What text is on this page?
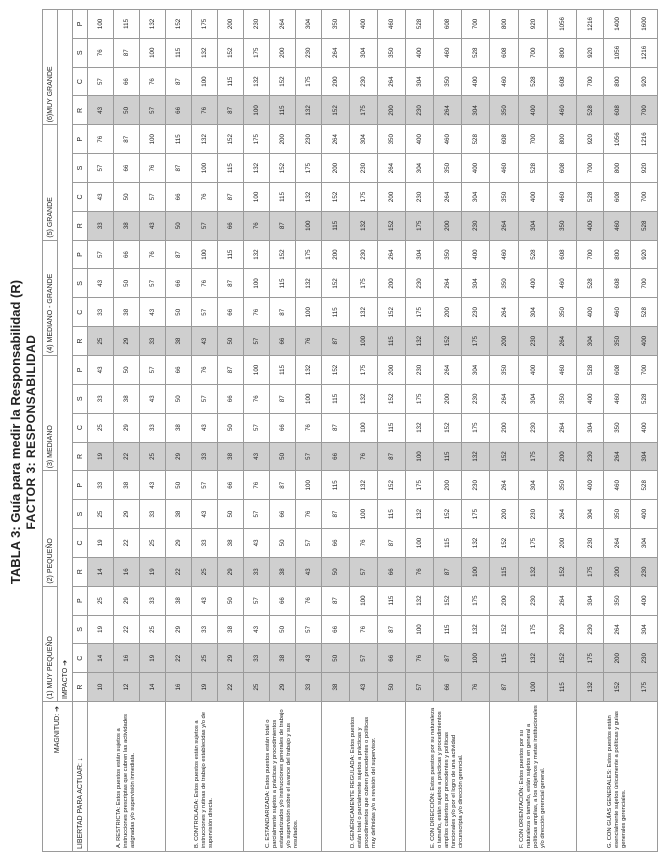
TABLA 3: Guía para medir la Responsabilidad (R) FACTOR 3: RESPONSABILIDAD
MAGNITUD: ➔	(1) MUY PEQUEÑO				(2) PEQUEÑO				(3) MEDIANO				(4) MEDIANO - GRANDE				(5) GRANDE				(6)MUY GRANDE			
	IMPACTO ➔																							
LIBERTAD PARA ACTUAR: ↓	R	C	S	P	R	C	S	P	R	C	S	P	R	C	S	P	R	C	S	P	R	C	S	P
A. RESTRICTA: Estos puestos están sujetos a instrucciones prescriptas que cubren las actividades asignadas y/o supervisión inmediata.	10	14	19	25	14	19	25	33	19	25	33	43	25	33	43	57	33	43	57	76	43	57	76	100
	12	16	22	29	16	22	29	38	22	29	38	50	29	38	50	66	38	50	66	87	50	66	87	115
	14	19	25	33	19	25	33	43	25	33	43	57	33	43	57	76	43	57	76	100	57	76	100	132
B. CONTROLADA: Estos puestos están sujetos a instrucciones y rutinas de trabajo establecidas y/o de supervisión directa.	16	22	29	38	22	29	38	50	29	38	50	66	38	50	66	87	50	66	87	115	66	87	115	152
	19	25	33	43	25	33	43	57	33	43	57	76	43	57	76	100	57	76	100	132	76	100	132	175
	22	29	38	50	29	38	50	66	38	50	66	87	50	66	87	115	66	87	115	152	87	115	152	200
C. ESTANDARIZADA: Estos puestos están total o parcialmente sujetos a prácticas y procedimientos estandarizados y/o instrucciones generales de trabajo y/o supervisión sobre el avance del trabajo y sus resultados.	25	33	43	57	33	43	57	76	43	57	76	100	57	76	100	132	76	100	132	175	100	132	175	230
	29	38	50	66	38	50	66	87	50	66	87	115	66	87	115	152	87	115	152	200	115	152	200	264
	33	43	57	76	43	57	76	100	57	76	100	132	76	100	132	175	100	132	175	230	132	175	230	304
D. GENÉRICAMENTE REGULADA: Estos puestos están total o parcialmente sujetos a prácticas y procedimientos que cubren precedentes o políticas muy definidas y/o a revisión del supervisor.	38	50	66	87	50	66	87	115	66	87	115	152	87	115	152	200	115	152	200	264	152	200	264	350
	43	57	76	100	57	76	100	132	76	100	132	175	100	132	175	230	132	175	230	304	175	230	304	400
	50	66	87	115	66	87	115	152	87	115	152	200	115	152	200	264	152	200	264	350	200	264	350	460
E. CON DIRECCIÓN: Estos puestos por su naturaleza o tamaño, están sujetos a prácticas y procedimientos amplios cubiertos por precedentes y políticas funcionales y/o por el logro de una actividad circunscripta y/o dirección gerencial.	57	76	100	132	76	100	132	175	100	132	175	230	132	175	230	304	175	230	304	400	230	304	400	528
	66	87	115	152	87	115	152	200	115	152	200	264	152	200	264	350	200	264	350	460	264	350	460	608
	76	100	132	175	100	132	175	230	132	175	230	304	175	230	304	400	230	304	400	528	304	400	528	700
F. CON ORIENTACIÓN: Estos puestos por su naturaleza o tamaño, están sujetos en general a políticas amplias, a los objetivos y metas institucionales y/o dirección gerencial general.	87	115	152	200	115	152	200	264	152	200	264	350	200	264	350	460	264	350	460	608	350	460	608	800
	100	132	175	230	132	175	230	304	175	230	304	400	230	304	400	528	304	400	528	700	400	528	700	920
	115	152	200	264	152	200	264	350	200	264	350	460	264	350	460	608	350	460	608	800	460	608	800	1056
G. CON GUÍAS GENERALES: Estos puestos están esencialmente sujetos únicamente a políticas y guías generales gerenciales.	132	175	230	304	175	230	304	400	230	304	400	528	304	400	528	700	400	528	700	920	528	700	920	1216
	152	200	264	350	200	264	350	460	264	350	460	608	350	460	608	800	460	608	800	1056	608	800	1056	1400
	175	230	304	400	230	304	400	528	304	400	528	700	400	528	700	920	528	700	920	1216	700	920	1216	1600
